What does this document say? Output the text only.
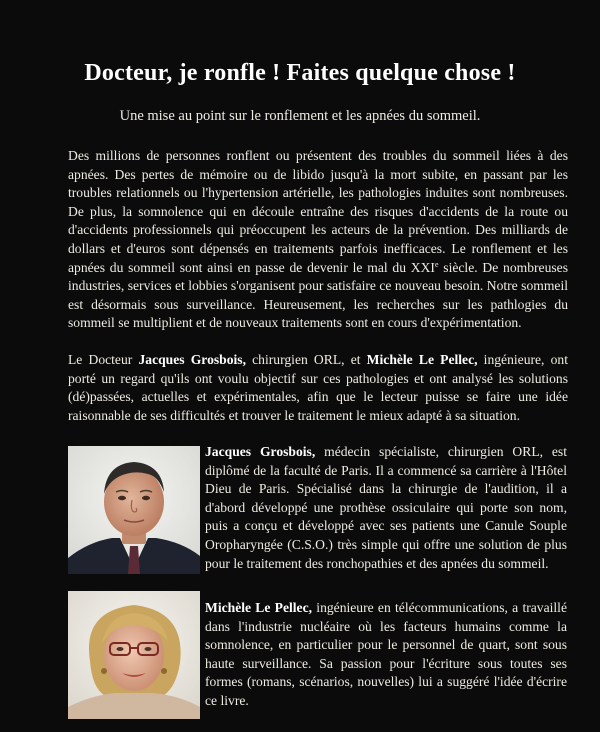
Docteur, je ronfle ! Faites quelque chose !
Une mise au point sur le ronflement et les apnées du sommeil.
Des millions de personnes ronflent ou présentent des troubles du sommeil liées à des apnées. Des pertes de mémoire ou de libido jusqu'à la mort subite, en passant par les troubles relationnels ou l'hypertension artérielle, les pathologies induites sont nombreuses. De plus, la somnolence qui en découle entraîne des risques d'accidents de la route ou d'accidents professionnels qui préoccupent les acteurs de la prévention. Des milliards de dollars et d'euros sont dépensés en traitements parfois inefficaces. Le ronflement et les apnées du sommeil sont ainsi en passe de devenir le mal du XXIe siècle. De nombreuses industries, services et lobbies s'organisent pour satisfaire ce nouveau besoin. Notre sommeil est désormais sous surveillance. Heureusement, les recherches sur les pathlogies du sommeil se multiplient et de nouveaux traitements sont en cours d'expérimentation.
Le Docteur Jacques Grosbois, chirurgien ORL, et Michèle Le Pellec, ingénieure, ont porté un regard qu'ils ont voulu objectif sur ces pathologies et ont analysé les solutions (dé)passées, actuelles et expérimentales, afin que le lecteur puisse se faire une idée raisonnable de ses difficultés et trouver le traitement le mieux adapté à sa situation.
Jacques Grosbois, médecin spécialiste, chirurgien ORL, est diplômé de la faculté de Paris. Il a commencé sa carrière à l'Hôtel Dieu de Paris. Spécialisé dans la chirurgie de l'audition, il a d'abord développé une prothèse ossiculaire qui porte son nom, puis a conçu et développé avec ses patients une Canule Souple Oropharyngée (C.S.O.) très simple qui offre une solution de plus pour le traitement des ronchopathies et des apnées du sommeil.
Michèle Le Pellec, ingénieure en télécommunications, a travaillé dans l'industrie nucléaire où les facteurs humains comme la somnolence, en particulier pour le personnel de quart, sont sous haute surveillance. Sa passion pour l'écriture sous toutes ses formes (romans, scénarios, nouvelles) lui a suggéré l'idée d'écrire ce livre.
